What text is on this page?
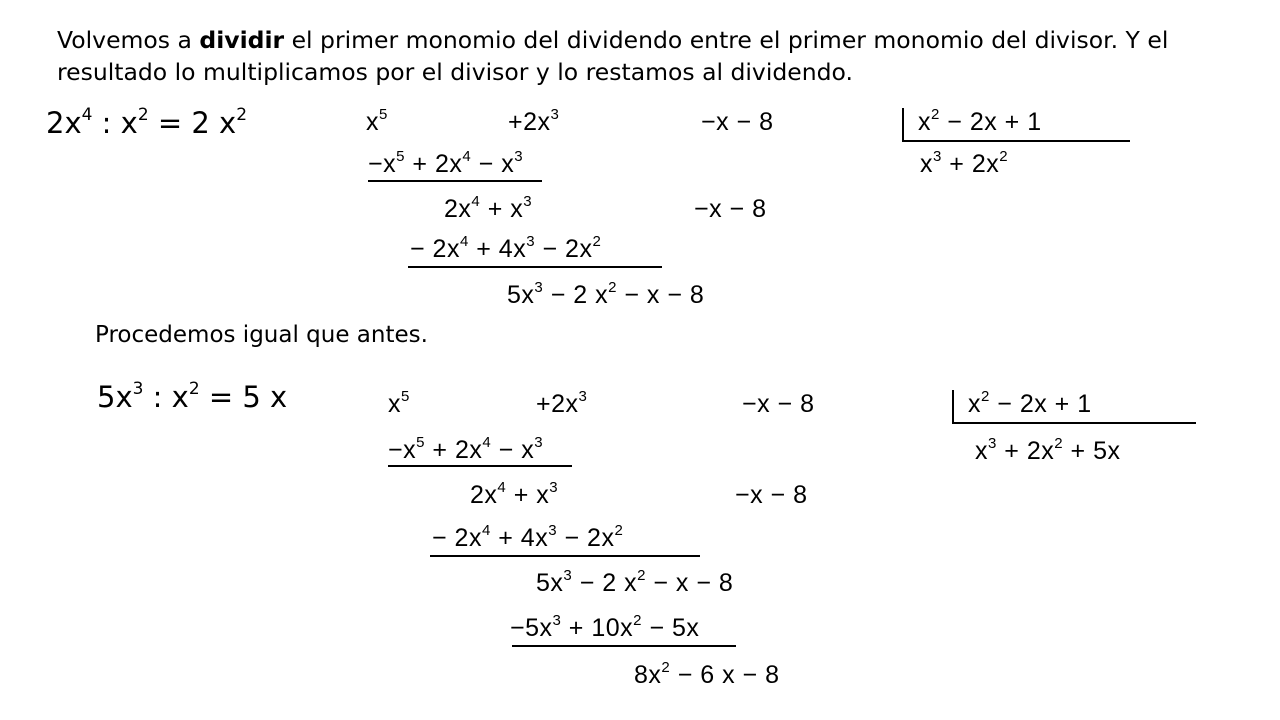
Volvemos a dividir el primer monomio del dividendo entre el primer monomio del divisor. Y el resultado lo multiplicamos por el divisor y lo restamos al dividendo.
$2x^4$ : $x^2 = 2$ $x^2$	$x^5$	$+2x^3$	−x − 8	$x^2 - 2x + 1$
$x^3 + 2x^2$
$-x^5 + 2x^4 - x^3$
$2x^4 + x^3$	−x − 8
− $2x^4 + 4x^3 - 2x^2$
$5x^3 - 2$ $x^2 - x - 8$
Procedemos igual que antes.
$5x^3$ : $x^2 = 5$ x	$x^5$	$+2x^3$	−x − 8	$x^2 - 2x + 1$
$x^3 + 2x^2 + 5x$
$-x^5 + 2x^4 - x^3$
$2x^4 + x^3$	−x − 8
− $2x^4 + 4x^3 - 2x^2$
$5x^3 - 2$ $x^2 - x - 8$
$-5x^3 + 10x^2 - 5x$
$8x^2 - 6$ x − 8
